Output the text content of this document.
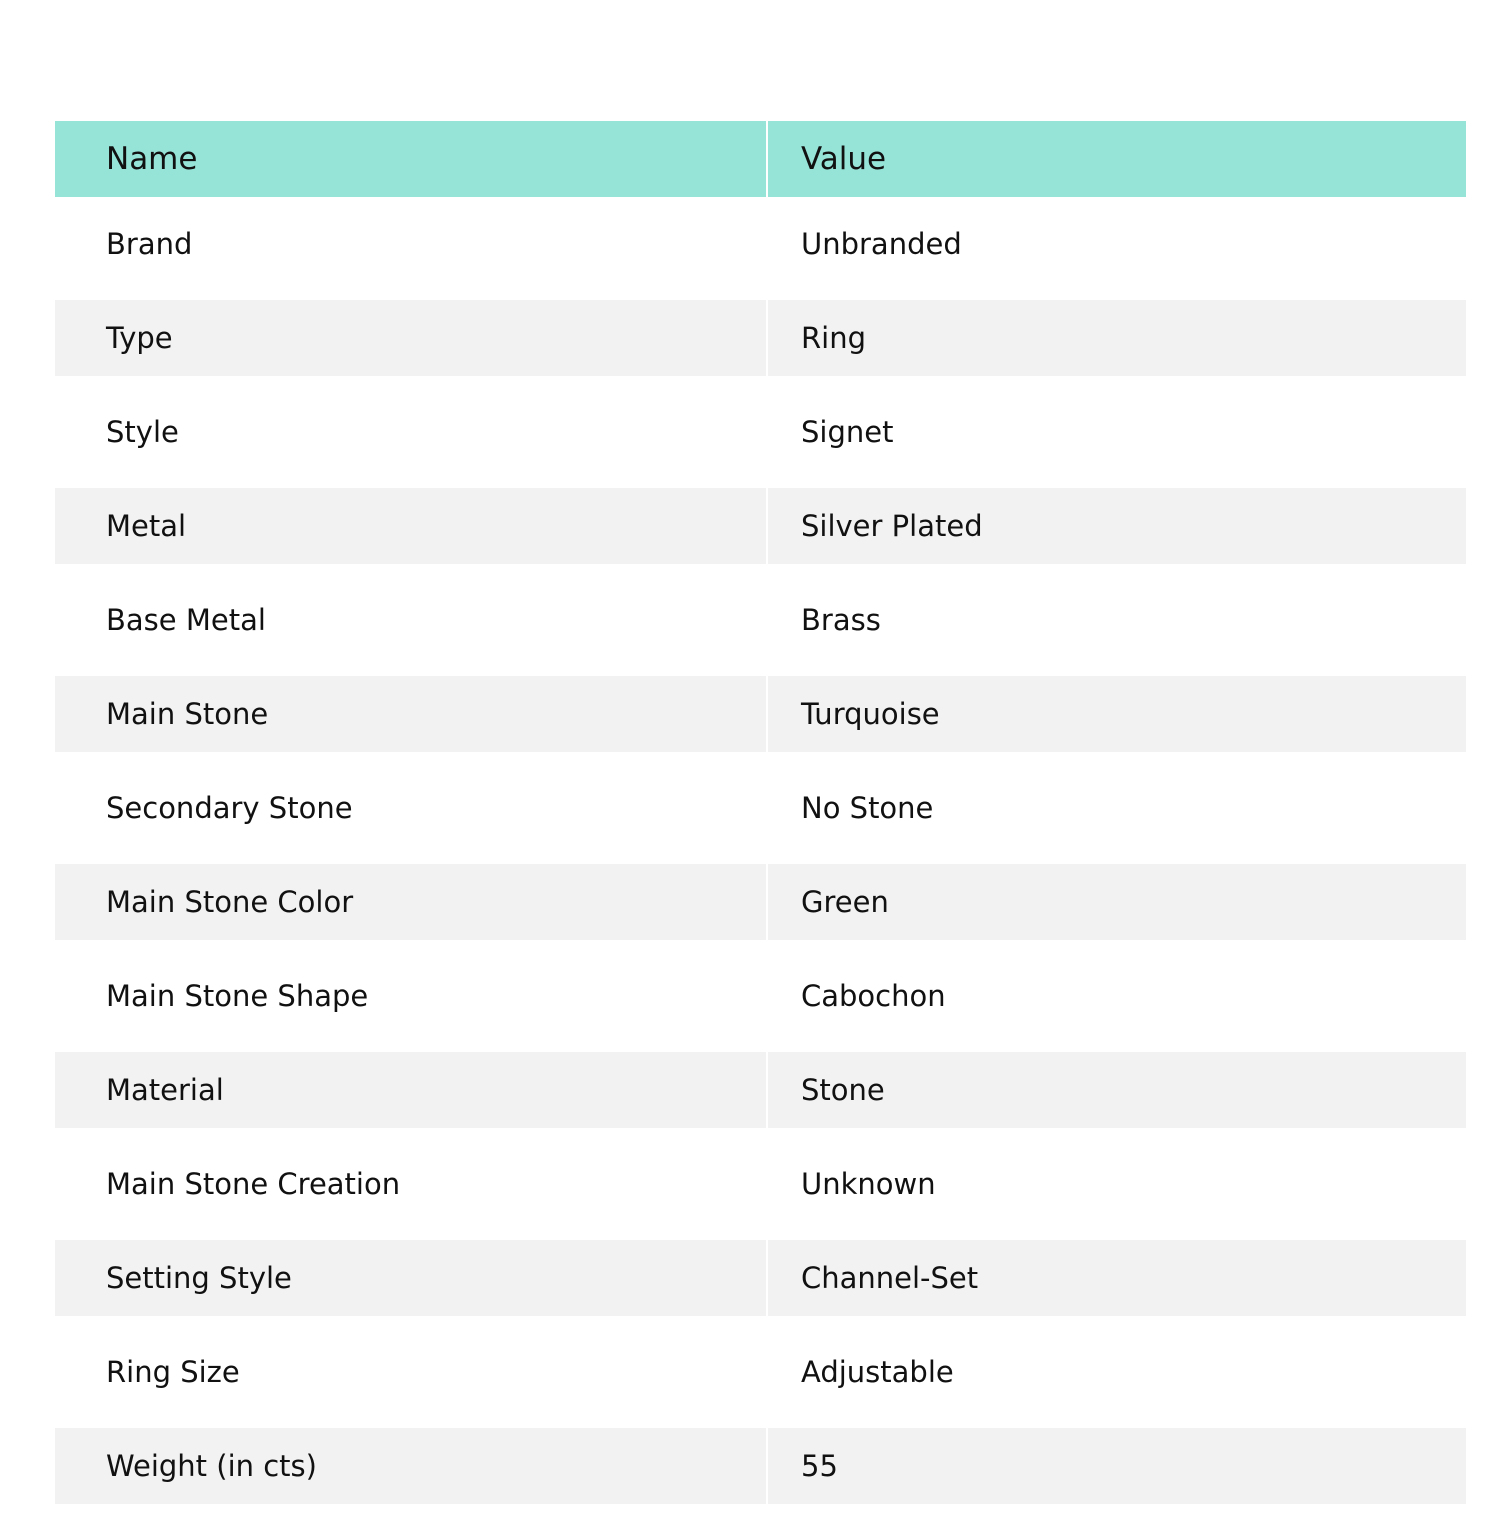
Name	Value
Brand	Unbranded
Type	Ring
Style	Signet
Metal	Silver Plated
Base Metal	Brass
Main Stone	Turquoise
Secondary Stone	No Stone
Main Stone Color	Green
Main Stone Shape	Cabochon
Material	Stone
Main Stone Creation	Unknown
Setting Style	Channel-Set
Ring Size	Adjustable
Weight (in cts)	55
